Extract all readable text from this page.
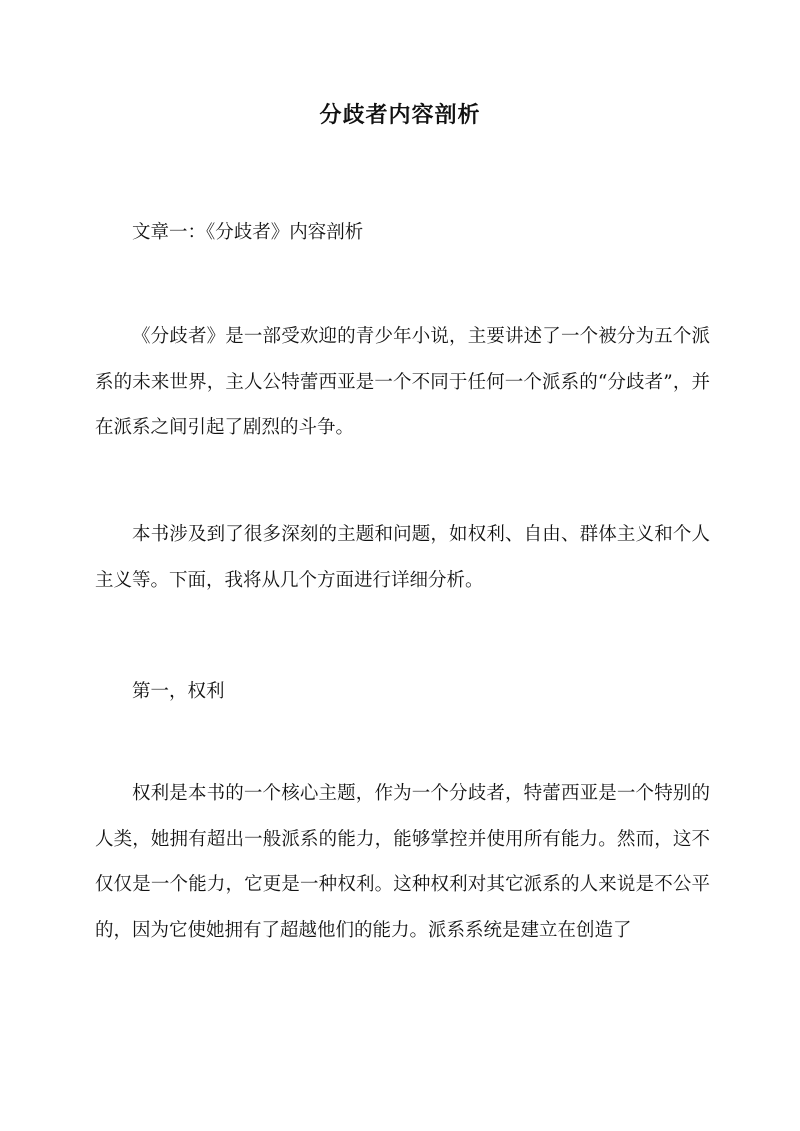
分歧者内容剖析

文章一：《分歧者》内容剖析

《分歧者》是一部受欢迎的青少年小说，主要讲述了一个被分为五个派系的未来世界，主人公特蕾西亚是一个不同于任何一个派系的“分歧者”，并在派系之间引起了剧烈的斗争。

本书涉及到了很多深刻的主题和问题，如权利、自由、群体主义和个人主义等。下面，我将从几个方面进行详细分析。

第一，权利

权利是本书的一个核心主题，作为一个分歧者，特蕾西亚是一个特别的人类，她拥有超出一般派系的能力，能够掌控并使用所有能力。然而，这不仅仅是一个能力，它更是一种权利。这种权利对其它派系的人来说是不公平的，因为它使她拥有了超越他们的能力。派系系统是建立在创造了
